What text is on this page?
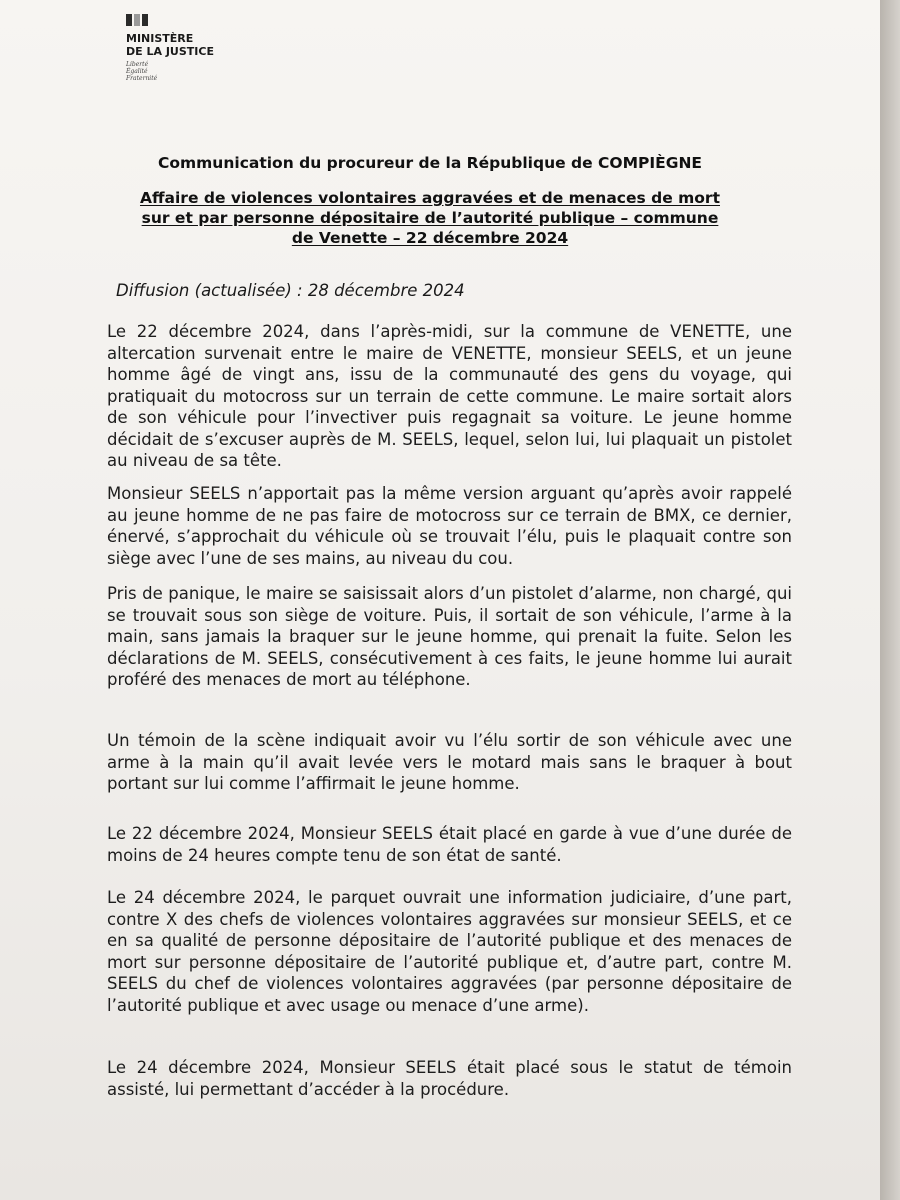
MINISTÈRE
DE LA JUSTICE
Liberté
Égalité
Fraternité
Communication du procureur de la République de COMPIÈGNE
Affaire de violences volontaires aggravées et de menaces de mort
sur et par personne dépositaire de l’autorité publique – commune
de Venette – 22 décembre 2024
Diffusion (actualisée) : 28 décembre 2024

Le 22 décembre 2024, dans l’après-midi, sur la commune de VENETTE, une altercation survenait entre le maire de VENETTE, monsieur SEELS, et un jeune homme âgé de vingt ans, issu de la communauté des gens du voyage, qui pratiquait du motocross sur un terrain de cette commune. Le maire sortait alors de son véhicule pour l’invectiver puis regagnait sa voiture. Le jeune homme décidait de s’excuser auprès de M. SEELS, lequel, selon lui, lui plaquait un pistolet au niveau de sa tête.

Monsieur SEELS n’apportait pas la même version arguant qu’après avoir rappelé au jeune homme de ne pas faire de motocross sur ce terrain de BMX, ce dernier, énervé, s’approchait du véhicule où se trouvait l’élu, puis le plaquait contre son siège avec l’une de ses mains, au niveau du cou.

Pris de panique, le maire se saisissait alors d’un pistolet d’alarme, non chargé, qui se trouvait sous son siège de voiture. Puis, il sortait de son véhicule, l’arme à la main, sans jamais la braquer sur le jeune homme, qui prenait la fuite. Selon les déclarations de M. SEELS, consécutivement à ces faits, le jeune homme lui aurait proféré des menaces de mort au téléphone.

Un témoin de la scène indiquait avoir vu l’élu sortir de son véhicule avec une arme à la main qu’il avait levée vers le motard mais sans le braquer à bout portant sur lui comme l’affirmait le jeune homme.

Le 22 décembre 2024, Monsieur SEELS était placé en garde à vue d’une durée de moins de 24 heures compte tenu de son état de santé.

Le 24 décembre 2024, le parquet ouvrait une information judiciaire, d’une part, contre X des chefs de violences volontaires aggravées sur monsieur SEELS, et ce en sa qualité de personne dépositaire de l’autorité publique et des menaces de mort sur personne dépositaire de l’autorité publique et, d’autre part, contre M. SEELS du chef de violences volontaires aggravées (par personne dépositaire de l’autorité publique et avec usage ou menace d’une arme).

Le 24 décembre 2024, Monsieur SEELS était placé sous le statut de témoin assisté, lui permettant d’accéder à la procédure.
